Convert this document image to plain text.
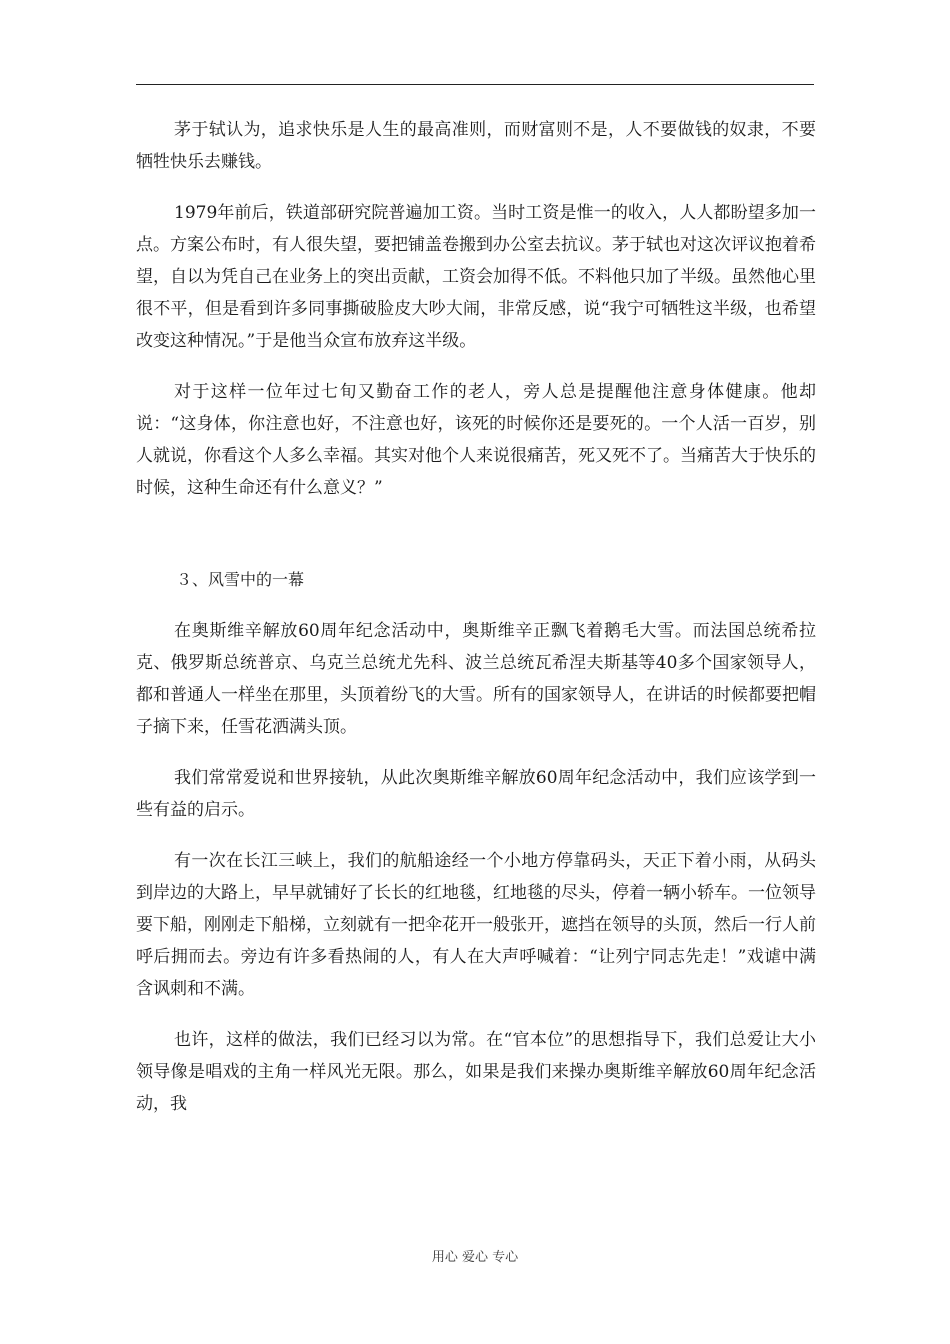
茅于轼认为，追求快乐是人生的最高准则，而财富则不是，人不要做钱的奴隶，不要牺牲快乐去赚钱。

1979年前后，铁道部研究院普遍加工资。当时工资是惟一的收入，人人都盼望多加一点。方案公布时，有人很失望，要把铺盖卷搬到办公室去抗议。茅于轼也对这次评议抱着希望，自以为凭自己在业务上的突出贡献，工资会加得不低。不料他只加了半级。虽然他心里很不平，但是看到许多同事撕破脸皮大吵大闹，非常反感，说“我宁可牺牲这半级，也希望改变这种情况。”于是他当众宣布放弃这半级。

对于这样一位年过七旬又勤奋工作的老人，旁人总是提醒他注意身体健康。他却说：“这身体，你注意也好，不注意也好，该死的时候你还是要死的。一个人活一百岁，别人就说，你看这个人多么幸福。其实对他个人来说很痛苦，死又死不了。当痛苦大于快乐的时候，这种生命还有什么意义？”

３、风雪中的一幕

在奥斯维辛解放60周年纪念活动中，奥斯维辛正飘飞着鹅毛大雪。而法国总统希拉克、俄罗斯总统普京、乌克兰总统尤先科、波兰总统瓦希涅夫斯基等40多个国家领导人，都和普通人一样坐在那里，头顶着纷飞的大雪。所有的国家领导人，在讲话的时候都要把帽子摘下来，任雪花洒满头顶。

我们常常爱说和世界接轨，从此次奥斯维辛解放60周年纪念活动中，我们应该学到一些有益的启示。

有一次在长江三峡上，我们的航船途经一个小地方停靠码头，天正下着小雨，从码头到岸边的大路上，早早就铺好了长长的红地毯，红地毯的尽头，停着一辆小轿车。一位领导要下船，刚刚走下船梯，立刻就有一把伞花开一般张开，遮挡在领导的头顶，然后一行人前呼后拥而去。旁边有许多看热闹的人，有人在大声呼喊着：“让列宁同志先走！”戏谑中满含讽刺和不满。

也许，这样的做法，我们已经习以为常。在“官本位”的思想指导下，我们总爱让大小领导像是唱戏的主角一样风光无限。那么，如果是我们来操办奥斯维辛解放60周年纪念活动，我

用心 爱心 专心
